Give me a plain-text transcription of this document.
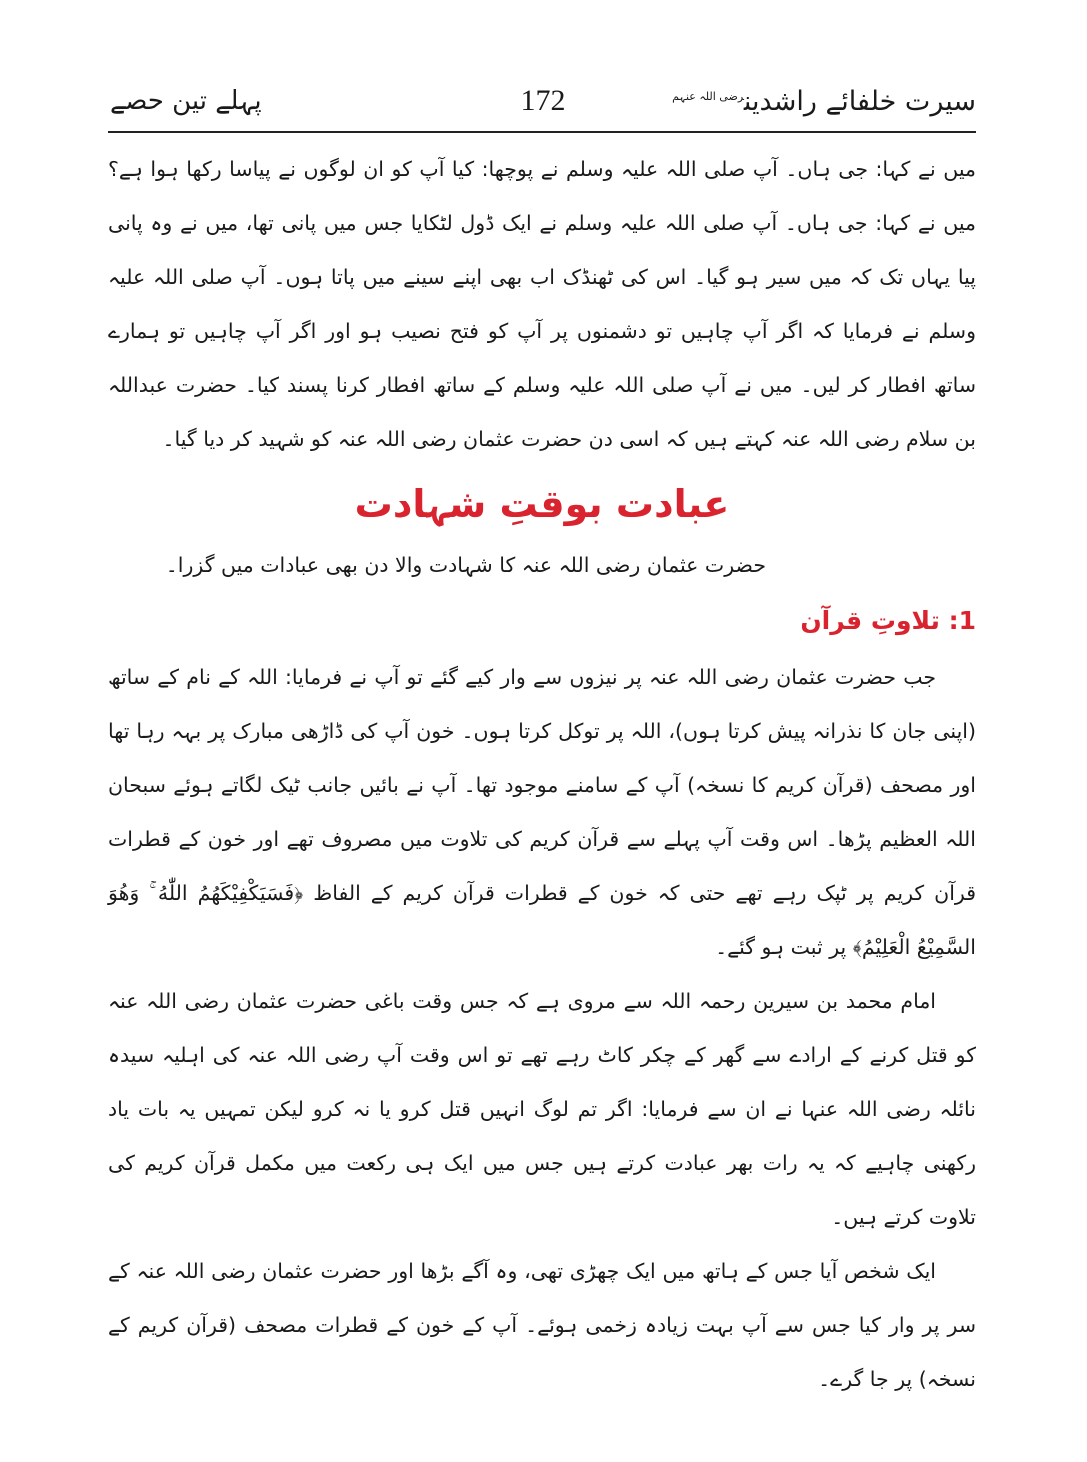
سیرت خلفائے راشدین$^{رضی اللہ عنہم}$
172
پہلے تین حصے

میں نے کہا: جی ہاں۔ آپ صلی اللہ علیہ وسلم نے پوچھا: کیا آپ کو ان لوگوں نے پیاسا رکھا ہوا ہے؟ میں نے کہا: جی ہاں۔ آپ صلی اللہ علیہ وسلم نے ایک ڈول لٹکایا جس میں پانی تھا، میں نے وہ پانی پیا یہاں تک کہ میں سیر ہو گیا۔ اس کی ٹھنڈک اب بھی اپنے سینے میں پاتا ہوں۔ آپ صلی اللہ علیہ وسلم نے فرمایا کہ اگر آپ چاہیں تو دشمنوں پر آپ کو فتح نصیب ہو اور اگر آپ چاہیں تو ہمارے ساتھ افطار کر لیں۔ میں نے آپ صلی اللہ علیہ وسلم کے ساتھ افطار کرنا پسند کیا۔ حضرت عبداللہ بن سلام رضی اللہ عنہ کہتے ہیں کہ اسی دن حضرت عثمان رضی اللہ عنہ کو شہید کر دیا گیا۔

عبادت بوقتِ شہادت

حضرت عثمان رضی اللہ عنہ کا شہادت والا دن بھی عبادات میں گزرا۔

1: تلاوتِ قرآن

جب حضرت عثمان رضی اللہ عنہ پر نیزوں سے وار کیے گئے تو آپ نے فرمایا: اللہ کے نام کے ساتھ (اپنی جان کا نذرانہ پیش کرتا ہوں)، اللہ پر توکل کرتا ہوں۔ خون آپ کی ڈاڑھی مبارک پر بہہ رہا تھا اور مصحف (قرآن کریم کا نسخہ) آپ کے سامنے موجود تھا۔ آپ نے بائیں جانب ٹیک لگاتے ہوئے سبحان اللہ العظیم پڑھا۔ اس وقت آپ پہلے سے قرآن کریم کی تلاوت میں مصروف تھے اور خون کے قطرات قرآن کریم پر ٹپک رہے تھے حتی کہ خون کے قطرات قرآن کریم کے الفاظ ﴿فَسَيَكْفِيْكَهُمُ اللّٰهُ ۚ وَهُوَ السَّمِيْعُ الْعَلِيْمُ﴾ پر ثبت ہو گئے۔

امام محمد بن سیرین رحمہ اللہ سے مروی ہے کہ جس وقت باغی حضرت عثمان رضی اللہ عنہ کو قتل کرنے کے ارادے سے گھر کے چکر کاٹ رہے تھے تو اس وقت آپ رضی اللہ عنہ کی اہلیہ سیدہ نائلہ رضی اللہ عنہا نے ان سے فرمایا: اگر تم لوگ انہیں قتل کرو یا نہ کرو لیکن تمہیں یہ بات یاد رکھنی چاہیے کہ یہ رات بھر عبادت کرتے ہیں جس میں ایک ہی رکعت میں مکمل قرآن کریم کی تلاوت کرتے ہیں۔

ایک شخص آیا جس کے ہاتھ میں ایک چھڑی تھی، وہ آگے بڑھا اور حضرت عثمان رضی اللہ عنہ کے سر پر وار کیا جس سے آپ بہت زیادہ زخمی ہوئے۔ آپ کے خون کے قطرات مصحف (قرآن کریم کے نسخہ) پر جا گرے۔
